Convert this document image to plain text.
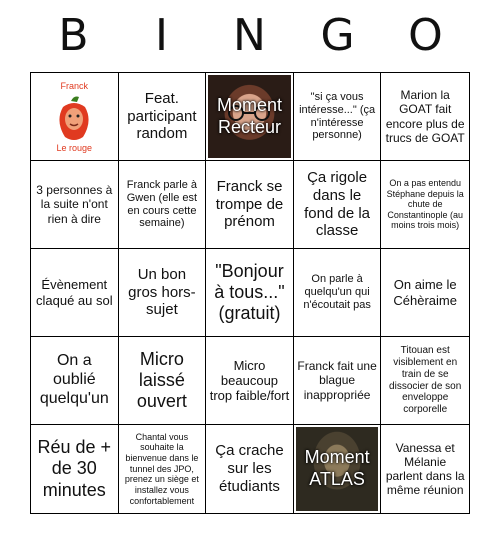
B	I	N	G	O
Franck
Le rouge
Feat. participant random
Moment Recteur
"si ça vous intéresse..." (ça n'intéresse personne)
Marion la GOAT fait encore plus de trucs de GOAT
3 personnes à la suite n'ont rien à dire
Franck parle à Gwen (elle est en cours cette semaine)
Franck se trompe de prénom
Ça rigole dans le fond de la classe
On a pas entendu Stéphane depuis la chute de Constantinople (au moins trois mois)
Évènement claqué au sol
Un bon gros hors-sujet
"Bonjour à tous..." (gratuit)
On parle à quelqu'un qui n'écoutait pas
On aime le Céhèraime
On a oublié quelqu'un
Micro laissé ouvert
Micro beaucoup trop faible/fort
Franck fait une blague inappropriée
Titouan est visiblement en train de se dissocier de son enveloppe corporelle
Réu de + de 30 minutes
Chantal vous souhaite la bienvenue dans le tunnel des JPO, prenez un siège et installez vous confortablement
Ça crache sur les étudiants
Moment ATLAS
Vanessa et Mélanie parlent dans la même réunion
